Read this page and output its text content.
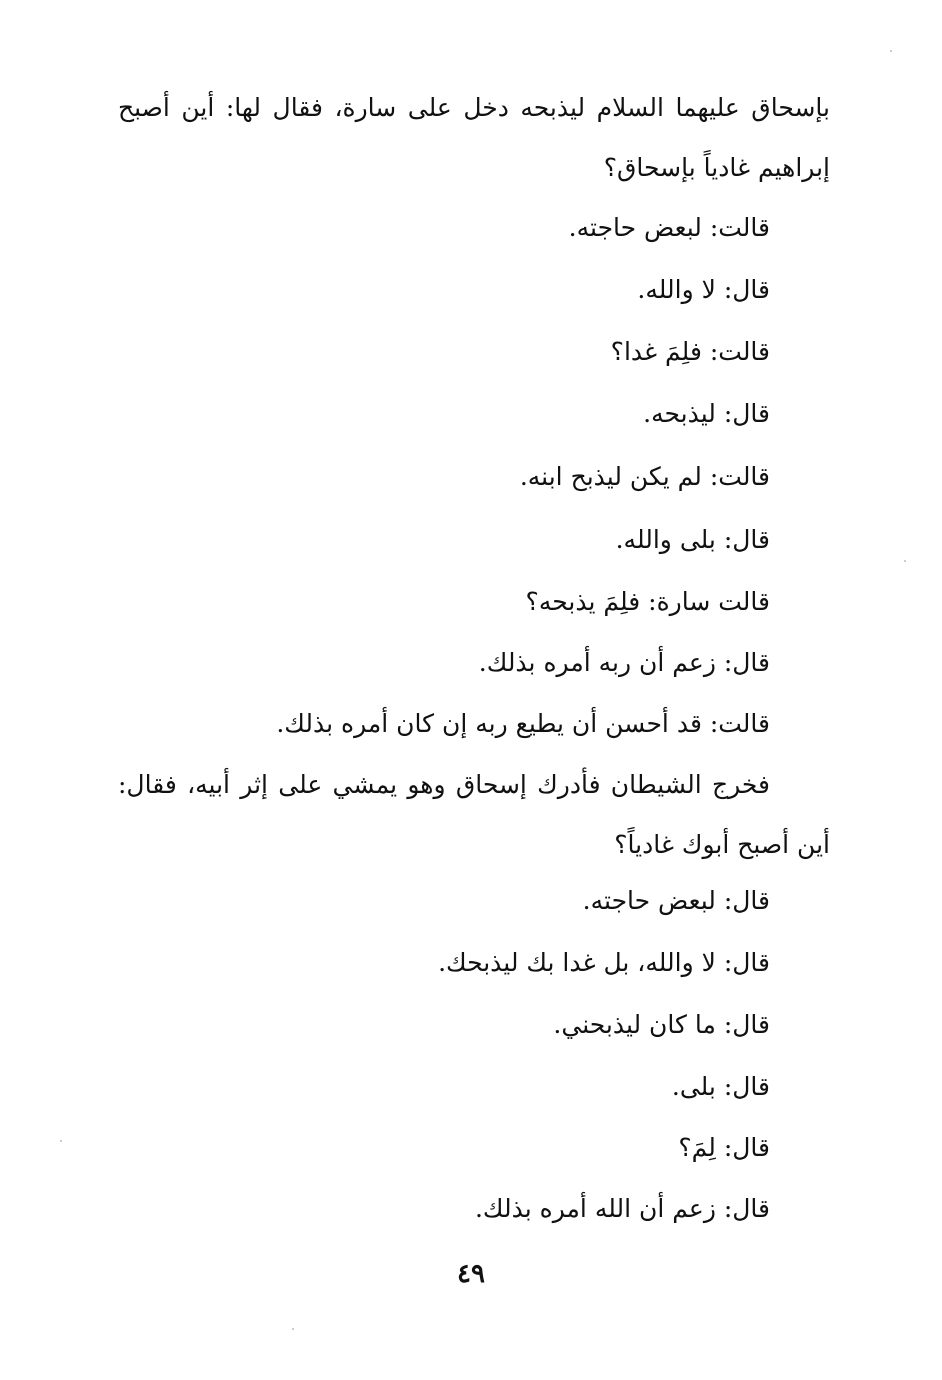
بإسحاق عليهما السلام ليذبحه دخل على سارة، فقال لها: أين أصبح
إبراهيم غادياً بإسحاق؟
قالت: لبعض حاجته.
قال: لا والله.
قالت: فلِمَ غدا؟
قال: ليذبحه.
قالت: لم يكن ليذبح ابنه.
قال: بلى والله.
قالت سارة: فلِمَ يذبحه؟
قال: زعم أن ربه أمره بذلك.
قالت: قد أحسن أن يطيع ربه إن كان أمره بذلك.
فخرج الشيطان فأدرك إسحاق وهو يمشي على إثر أبيه، فقال:
أين أصبح أبوك غادياً؟
قال: لبعض حاجته.
قال: لا والله، بل غدا بك ليذبحك.
قال: ما كان ليذبحني.
قال: بلى.
قال: لِمَ؟
قال: زعم أن الله أمره بذلك.
٤٩
